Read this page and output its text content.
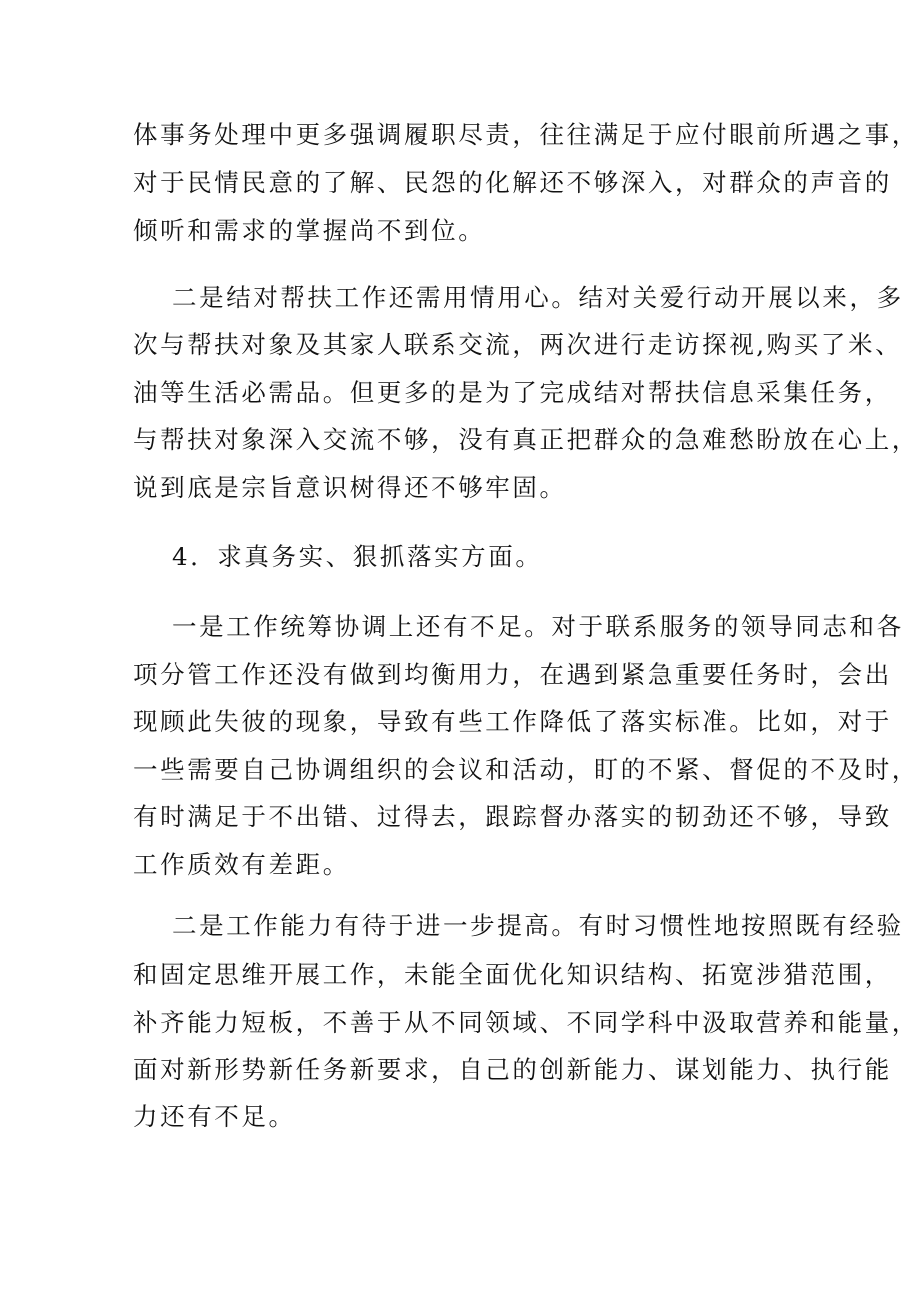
体事务处理中更多强调履职尽责，往往满足于应付眼前所遇之事，
对于民情民意的了解、民怨的化解还不够深入，对群众的声音的
倾听和需求的掌握尚不到位。
二是结对帮扶工作还需用情用心。结对关爱行动开展以来，多
次与帮扶对象及其家人联系交流，两次进行走访探视,购买了米、
油等生活必需品。但更多的是为了完成结对帮扶信息采集任务，
与帮扶对象深入交流不够，没有真正把群众的急难愁盼放在心上，
说到底是宗旨意识树得还不够牢固。
4．求真务实、狠抓落实方面。
一是工作统筹协调上还有不足。对于联系服务的领导同志和各
项分管工作还没有做到均衡用力，在遇到紧急重要任务时，会出
现顾此失彼的现象，导致有些工作降低了落实标准。比如，对于
一些需要自己协调组织的会议和活动，盯的不紧、督促的不及时，
有时满足于不出错、过得去，跟踪督办落实的韧劲还不够，导致
工作质效有差距。
二是工作能力有待于进一步提高。有时习惯性地按照既有经验
和固定思维开展工作，未能全面优化知识结构、拓宽涉猎范围，
补齐能力短板，不善于从不同领域、不同学科中汲取营养和能量，
面对新形势新任务新要求，自己的创新能力、谋划能力、执行能
力还有不足。
